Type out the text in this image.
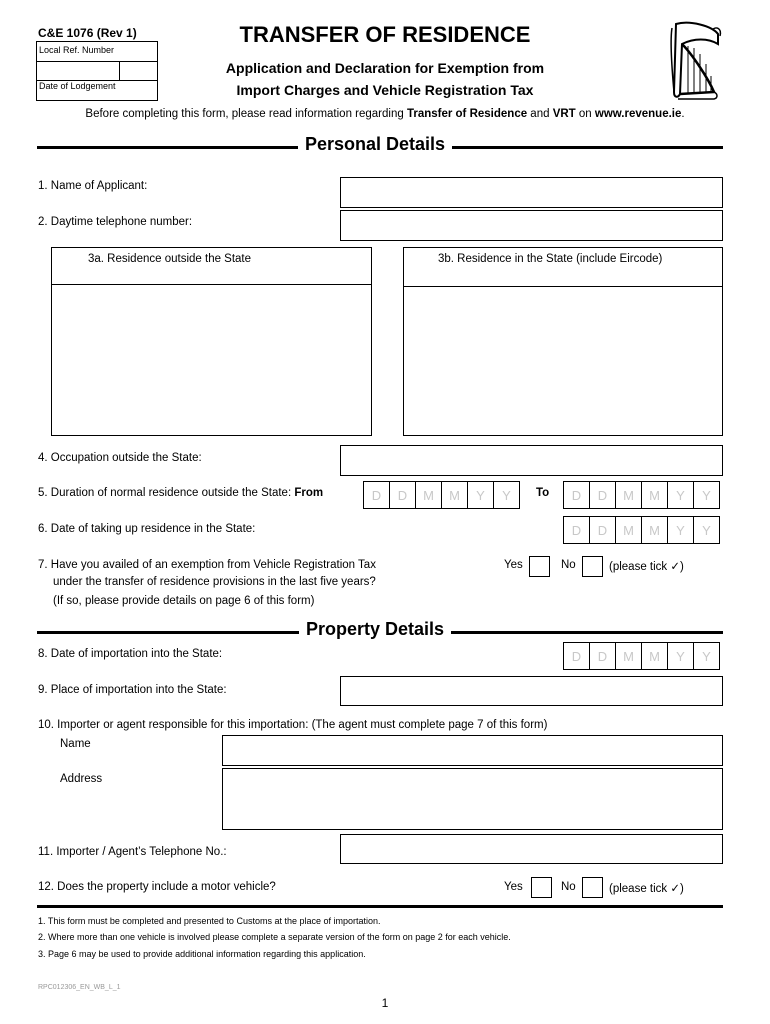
C&E 1076 (Rev 1)
Local Ref. Number
Date of Lodgement
TRANSFER OF RESIDENCE
Application and Declaration for Exemption from
Import Charges and Vehicle Registration Tax
Before completing this form, please read information regarding Transfer of Residence and VRT on www.revenue.ie.
Personal Details
1. Name of Applicant:
2. Daytime telephone number:
3a. Residence outside the State	3b. Residence in the State (include Eircode)
4. Occupation outside the State:
5. Duration of normal residence outside the State: From	D	D	M	M	Y	Y	To	D	D	M	M	Y	Y
6. Date of taking up residence in the State:	D	D	M	M	Y	Y
7. Have you availed of an exemption from Vehicle Registration Tax
under the transfer of residence provisions in the last five years?
(If so, please provide details on page 6 of this form)
Yes	No	(please tick ✓)
Property Details
8. Date of importation into the State:	D	D	M	M	Y	Y
9. Place of importation into the State:
10. Importer or agent responsible for this importation: (The agent must complete page 7 of this form)
Name
Address
11. Importer / Agent’s Telephone No.:
12. Does the property include a motor vehicle?	Yes	No	(please tick ✓)
1. This form must be completed and presented to Customs at the place of importation.
2. Where more than one vehicle is involved please complete a separate version of the form on page 2 for each vehicle.
3. Page 6 may be used to provide additional information regarding this application.
RPC012306_EN_WB_L_1
1
